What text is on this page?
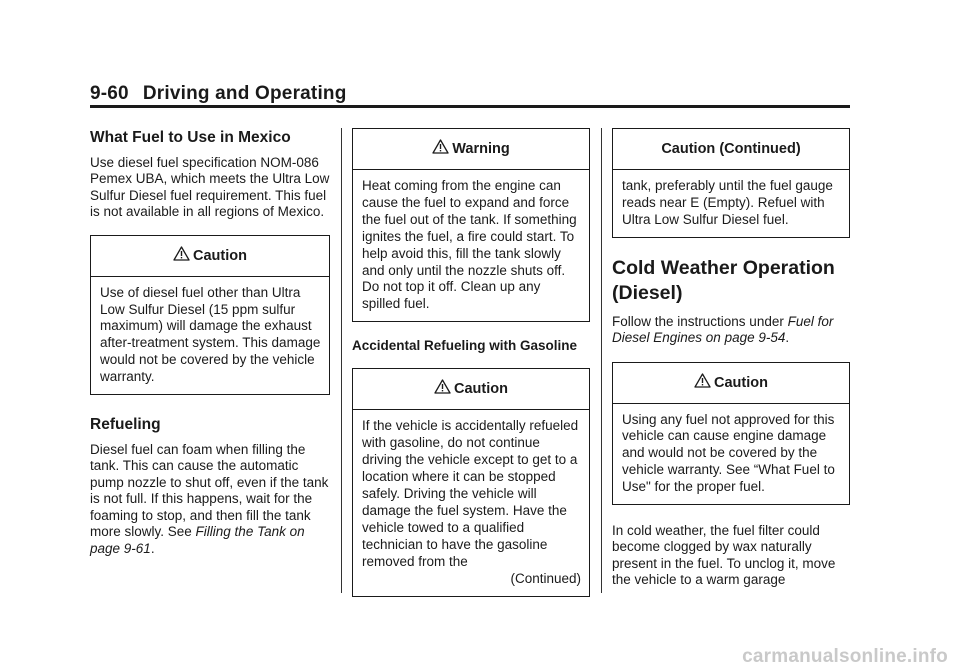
9-60 Driving and Operating
What Fuel to Use in Mexico

Use diesel fuel specification NOM-086 Pemex UBA, which meets the Ultra Low Sulfur Diesel fuel requirement. This fuel is not available in all regions of Mexico.

Caution

Use of diesel fuel other than Ultra Low Sulfur Diesel (15 ppm sulfur maximum) will damage the exhaust after-treatment system. This damage would not be covered by the vehicle warranty.

Refueling

Diesel fuel can foam when filling the tank. This can cause the automatic pump nozzle to shut off, even if the tank is not full. If this happens, wait for the foaming to stop, and then fill the tank more slowly. See Filling the Tank on page 9-61.

Warning

Heat coming from the engine can cause the fuel to expand and force the fuel out of the tank. If something ignites the fuel, a fire could start. To help avoid this, fill the tank slowly and only until the nozzle shuts off. Do not top it off. Clean up any spilled fuel.

Accidental Refueling with Gasoline
Caution

If the vehicle is accidentally refueled with gasoline, do not continue driving the vehicle except to get to a location where it can be stopped safely. Driving the vehicle will damage the fuel system. Have the vehicle towed to a qualified technician to have the gasoline removed from the

(Continued)

Caution (Continued)

tank, preferably until the fuel gauge reads near E (Empty). Refuel with Ultra Low Sulfur Diesel fuel.

Cold Weather Operation (Diesel)

Follow the instructions under Fuel for Diesel Engines on page 9-54.

Caution

Using any fuel not approved for this vehicle can cause engine damage and would not be covered by the vehicle warranty. See “What Fuel to Use" for the proper fuel.

In cold weather, the fuel filter could become clogged by wax naturally present in the fuel. To unclog it, move the vehicle to a warm garage

carmanualsonline.info
